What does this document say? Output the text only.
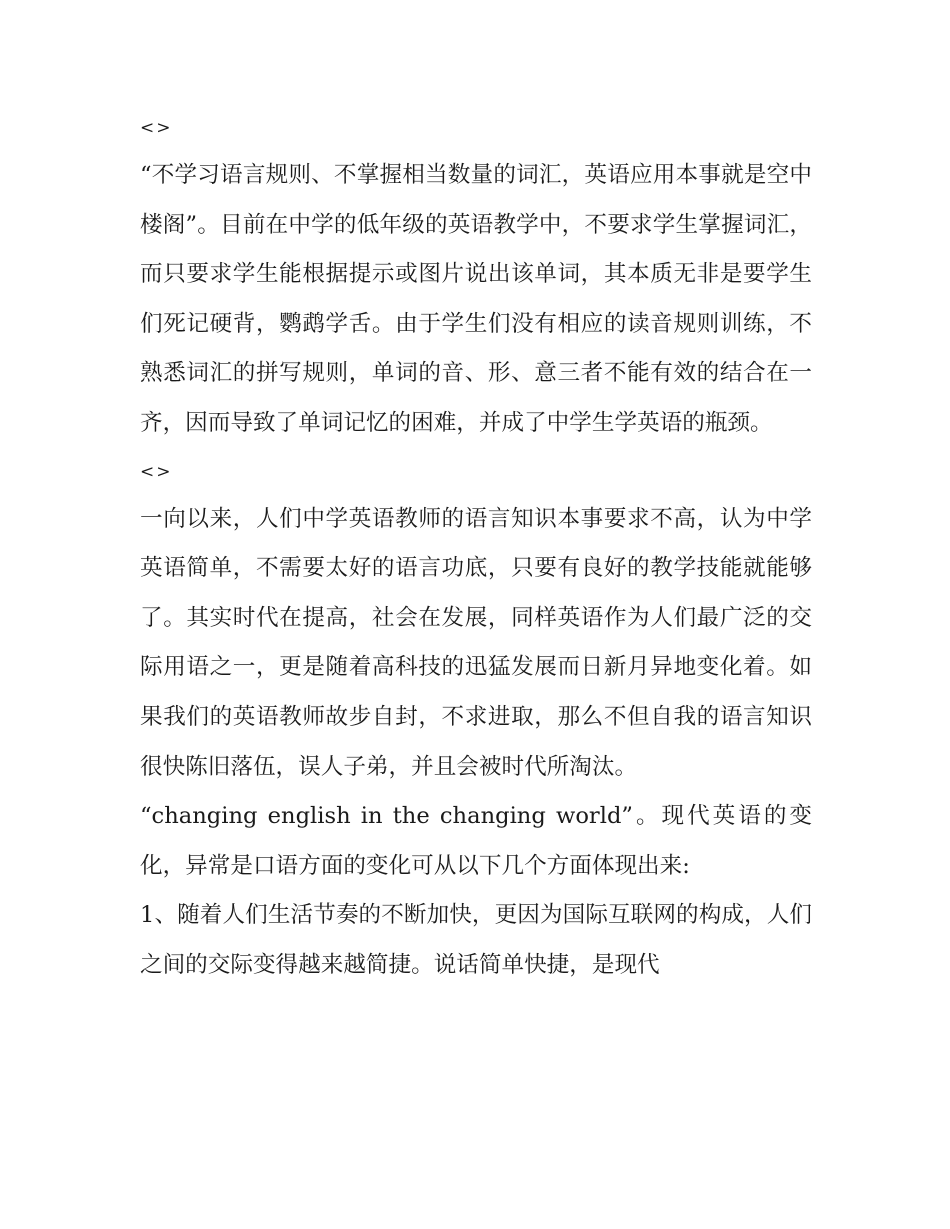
<>

“不学习语言规则、不掌握相当数量的词汇，英语应用本事就是空中楼阁”。目前在中学的低年级的英语教学中，不要求学生掌握词汇，而只要求学生能根据提示或图片说出该单词，其本质无非是要学生们死记硬背，鹦鹉学舌。由于学生们没有相应的读音规则训练，不熟悉词汇的拼写规则，单词的音、形、意三者不能有效的结合在一齐，因而导致了单词记忆的困难，并成了中学生学英语的瓶颈。

<>

一向以来，人们中学英语教师的语言知识本事要求不高，认为中学英语简单，不需要太好的语言功底，只要有良好的教学技能就能够了。其实时代在提高，社会在发展，同样英语作为人们最广泛的交际用语之一，更是随着高科技的迅猛发展而日新月异地变化着。如果我们的英语教师故步自封，不求进取，那么不但自我的语言知识很快陈旧落伍，误人子弟，并且会被时代所淘汰。

“changing english in the changing world”。现代英语的变化，异常是口语方面的变化可从以下几个方面体现出来:

1、随着人们生活节奏的不断加快，更因为国际互联网的构成，人们之间的交际变得越来越简捷。说话简单快捷，是现代
